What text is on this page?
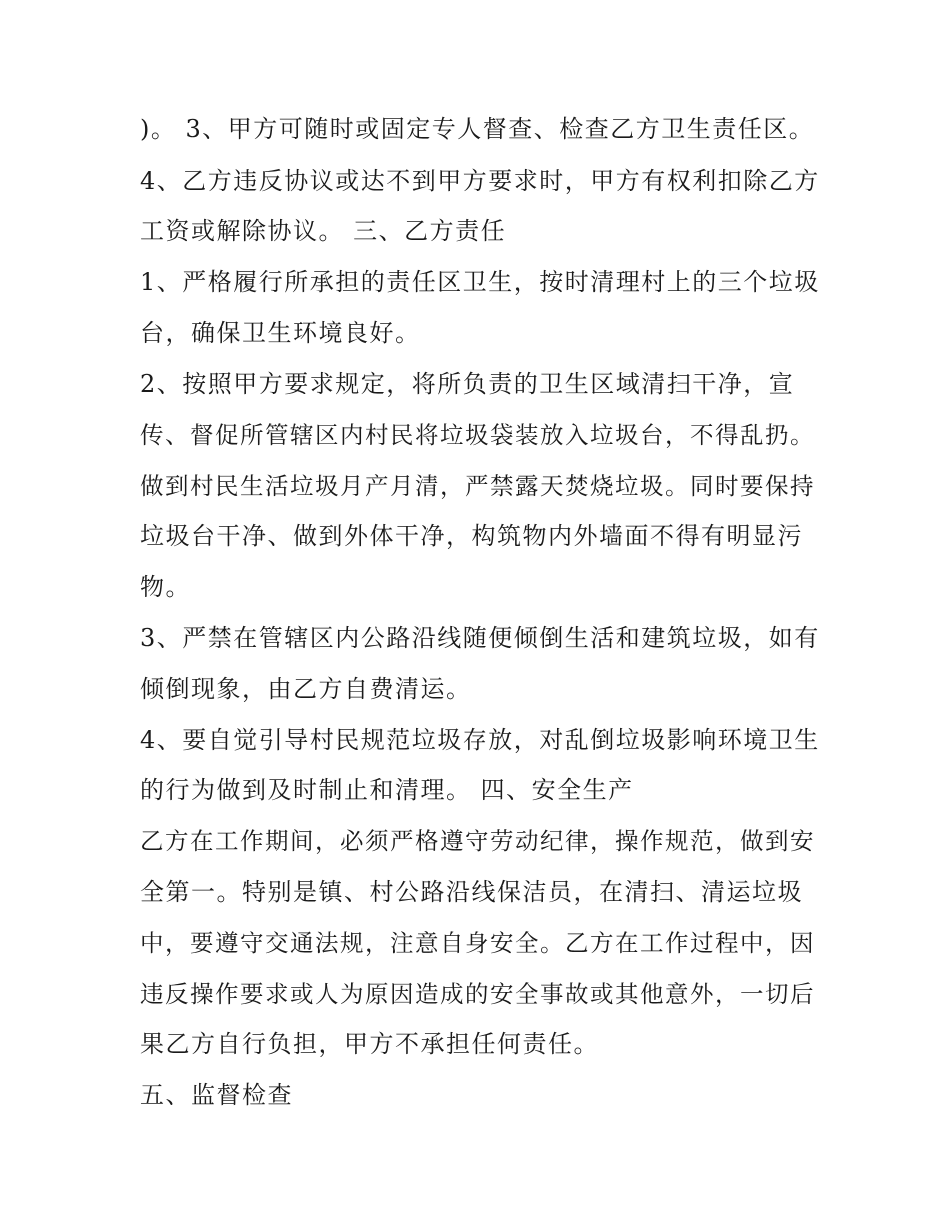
)。 3、甲方可随时或固定专人督查、检查乙方卫生责任区。

4、乙方违反协议或达不到甲方要求时，甲方有权利扣除乙方

工资或解除协议。 三、乙方责任

1、严格履行所承担的责任区卫生，按时清理村上的三个垃圾

台，确保卫生环境良好。

2、按照甲方要求规定，将所负责的卫生区域清扫干净，宣

传、督促所管辖区内村民将垃圾袋装放入垃圾台，不得乱扔。

做到村民生活垃圾月产月清，严禁露天焚烧垃圾。同时要保持

垃圾台干净、做到外体干净，构筑物内外墙面不得有明显污

物。

3、严禁在管辖区内公路沿线随便倾倒生活和建筑垃圾，如有

倾倒现象，由乙方自费清运。

4、要自觉引导村民规范垃圾存放，对乱倒垃圾影响环境卫生

的行为做到及时制止和清理。 四、安全生产

乙方在工作期间，必须严格遵守劳动纪律，操作规范，做到安

全第一。特别是镇、村公路沿线保洁员，在清扫、清运垃圾

中，要遵守交通法规，注意自身安全。乙方在工作过程中，因

违反操作要求或人为原因造成的安全事故或其他意外，一切后

果乙方自行负担，甲方不承担任何责任。

五、监督检查
